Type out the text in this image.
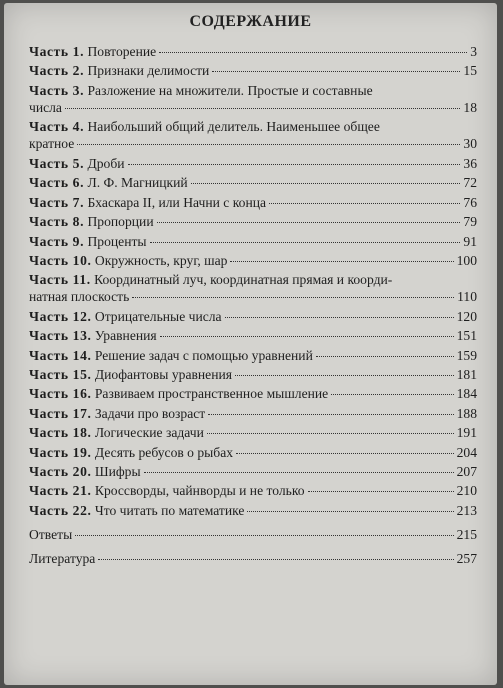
СОДЕРЖАНИЕ
Часть 1. Повторение	3
Часть 2. Признаки делимости	15
Часть 3. Разложение на множители. Простые и составные
числа	18
Часть 4. Наибольший общий делитель. Наименьшее общее
кратное	30
Часть 5. Дроби	36
Часть 6. Л. Ф. Магницкий	72
Часть 7. Бхаскара II, или Начни с конца	76
Часть 8. Пропорции	79
Часть 9. Проценты	91
Часть 10. Окружность, круг, шар	100
Часть 11. Координатный луч, координатная прямая и коорди-
натная плоскость	110
Часть 12. Отрицательные числа	120
Часть 13. Уравнения	151
Часть 14. Решение задач с помощью уравнений	159
Часть 15. Диофантовы уравнения	181
Часть 16. Развиваем пространственное мышление	184
Часть 17. Задачи про возраст	188
Часть 18. Логические задачи	191
Часть 19. Десять ребусов о рыбах	204
Часть 20. Шифры	207
Часть 21. Кроссворды, чайнворды и не только	210
Часть 22. Что читать по математике	213
Ответы	215
Литература	257
